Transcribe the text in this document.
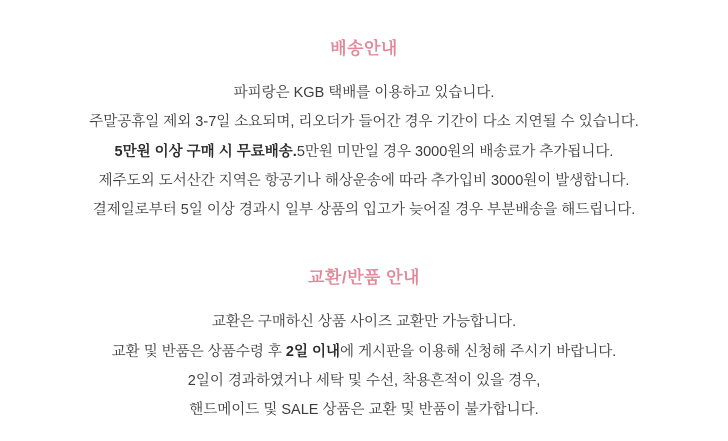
배송안내
파피랑은 KGB 택배를 이용하고 있습니다.
주말공휴일 제외 3-7일 소요되며, 리오더가 들어간 경우 기간이 다소 지연될 수 있습니다.
5만원 이상 구매 시 무료배송.5만원 미만일 경우 3000원의 배송료가 추가됩니다.
제주도외 도서산간 지역은 항공기나 해상운송에 따라 추가입비 3000원이 발생합니다.
결제일로부터 5일 이상 경과시 일부 상품의 입고가 늦어질 경우 부분배송을 해드립니다.
교환/반품 안내
교환은 구매하신 상품 사이즈 교환만 가능합니다.
교환 및 반품은 상품수령 후 2일 이내에 게시판을 이용해 신청해 주시기 바랍니다.
2일이 경과하였거나 세탁 및 수선, 착용흔적이 있을 경우,
핸드메이드 및 SALE 상품은 교환 및 반품이 불가합니다.
